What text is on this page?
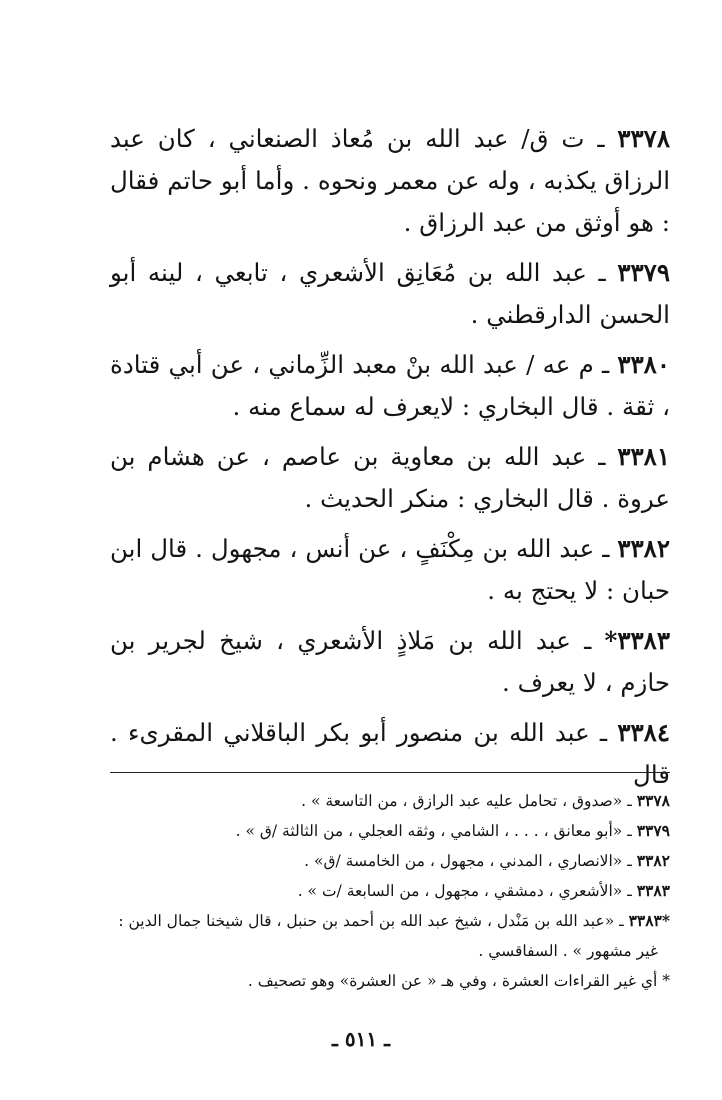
٣٣٧٨ ـ ت ق/ عبد الله بن مُعاذ الصنعاني ، كان عبد الرزاق يكذبه ، وله عن معمر ونحوه . وأما أبو حاتم فقال : هو أوثق من عبد الرزاق .

٣٣٧٩ ـ عبد الله بن مُعَانِق الأشعري ، تابعي ، لينه أبو الحسن الدارقطني .

٣٣٨٠ ـ م عه / عبد الله بنْ معبد الزِّماني ، عن أبي قتادة ، ثقة . قال البخاري : لايعرف له سماع منه .

٣٣٨١ ـ عبد الله بن معاوية بن عاصم ، عن هشام بن عروة . قال البخاري : منكر الحديث .

٣٣٨٢ ـ عبد الله بن مِكْنَفٍ ، عن أنس ، مجهول . قال ابن حبان : لا يحتج به .

٣٣٨٣* ـ عبد الله بن مَلاذٍ الأشعري ، شيخ لجرير بن حازم ، لا يعرف .

٣٣٨٤ ـ عبد الله بن منصور أبو بكر الباقلاني المقرىء . قال

٣٣٧٨ ـ «صدوق ، تحامل عليه عبد الرازق ، من التاسعة » .
٣٣٧٩ ـ «أبو معانق ، . . . ، الشامي ، وثقه العجلي ، من الثالثة /ق » .
٣٣٨٢ ـ «الانصاري ، المدني ، مجهول ، من الخامسة /ق» .
٣٣٨٣ ـ «الأشعري ، دمشقي ، مجهول ، من السابعة /ت » .
*٣٣٨٣ ـ «عبد الله بن مَنْدل ، شيخ عبد الله بن أحمد بن حنبل ، قال شيخنا جمال الدين :
غير مشهور » . السفاقسي .
* أي غير القراءات العشرة ، وفي هـ « عن العشرة» وهو تصحيف .
ـ ٥١١ ـ
